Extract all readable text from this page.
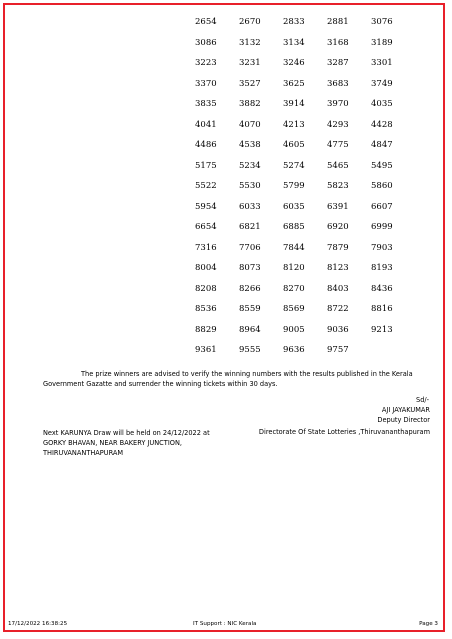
2654	2670	2833	2881	3076
3086	3132	3134	3168	3189
3223	3231	3246	3287	3301
3370	3527	3625	3683	3749
3835	3882	3914	3970	4035
4041	4070	4213	4293	4428
4486	4538	4605	4775	4847
5175	5234	5274	5465	5495
5522	5530	5799	5823	5860
5954	6033	6035	6391	6607
6654	6821	6885	6920	6999
7316	7706	7844	7879	7903
8004	8073	8120	8123	8193
8208	8266	8270	8403	8436
8536	8559	8569	8722	8816
8829	8964	9005	9036	9213
9361	9555	9636	9757
The prize winners are advised to verify the winning numbers with the results published in the Kerala
Government Gazatte and surrender the winning tickets within 30 days.
Sd/-
AJI JAYAKUMAR
Deputy Director
Directorate Of State Lotteries ,Thiruvananthapuram
Next KARUNYA Draw will be held on 24/12/2022 at
GORKY BHAVAN, NEAR BAKERY JUNCTION,
THIRUVANANTHAPURAM
17/12/2022 16:38:25	IT Support : NIC Kerala	Page 3
